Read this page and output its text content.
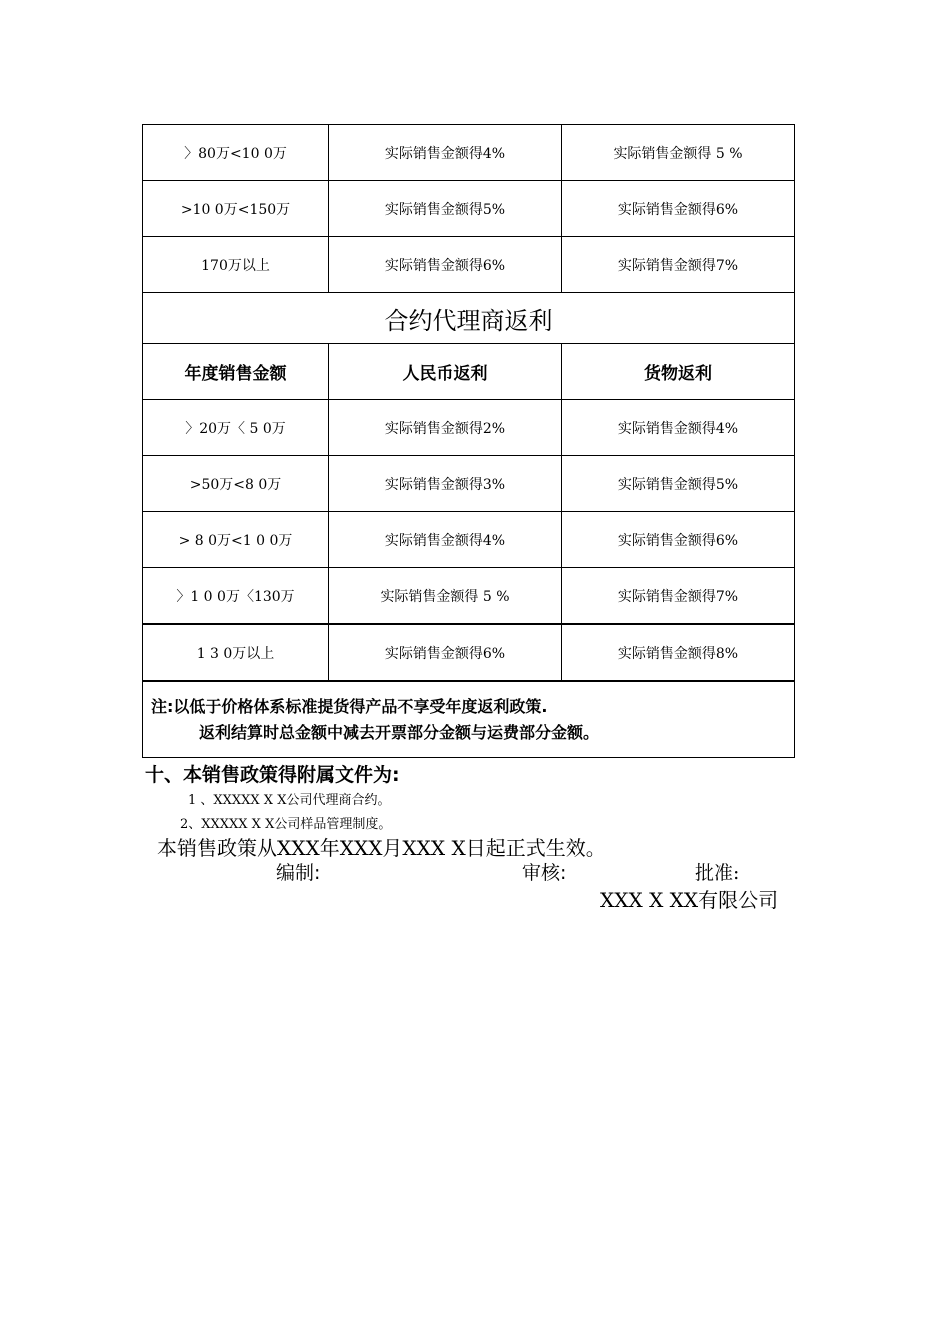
〉80万<10 0万	实际销售金额得4%	实际销售金额得 5 %
>10 0万<150万	实际销售金额得5%	实际销售金额得6%
170万以上	实际销售金额得6%	实际销售金额得7%
合约代理商返利		
年度销售金额	人民币返利	货物返利
〉20万〈 5 0万	实际销售金额得2%	实际销售金额得4%
>50万<8 0万	实际销售金额得3%	实际销售金额得5%
> 8 0万<1 0 0万	实际销售金额得4%	实际销售金额得6%
〉1 0 0万〈130万	实际销售金额得 5 %	实际销售金额得7%
1 3 0万以上	实际销售金额得6%	实际销售金额得8%
注:以低于价格体系标准提货得产品不享受年度返利政策.
返利结算时总金额中减去开票部分金额与运费部分金额。		
十、本销售政策得附属文件为:
1 、XXXXX X X公司代理商合约。
2、XXXXX X X公司样品管理制度。
本销售政策从XXX年XXX月XXX X日起正式生效。
编制:	审核:	批准:
XXX X XX有限公司
